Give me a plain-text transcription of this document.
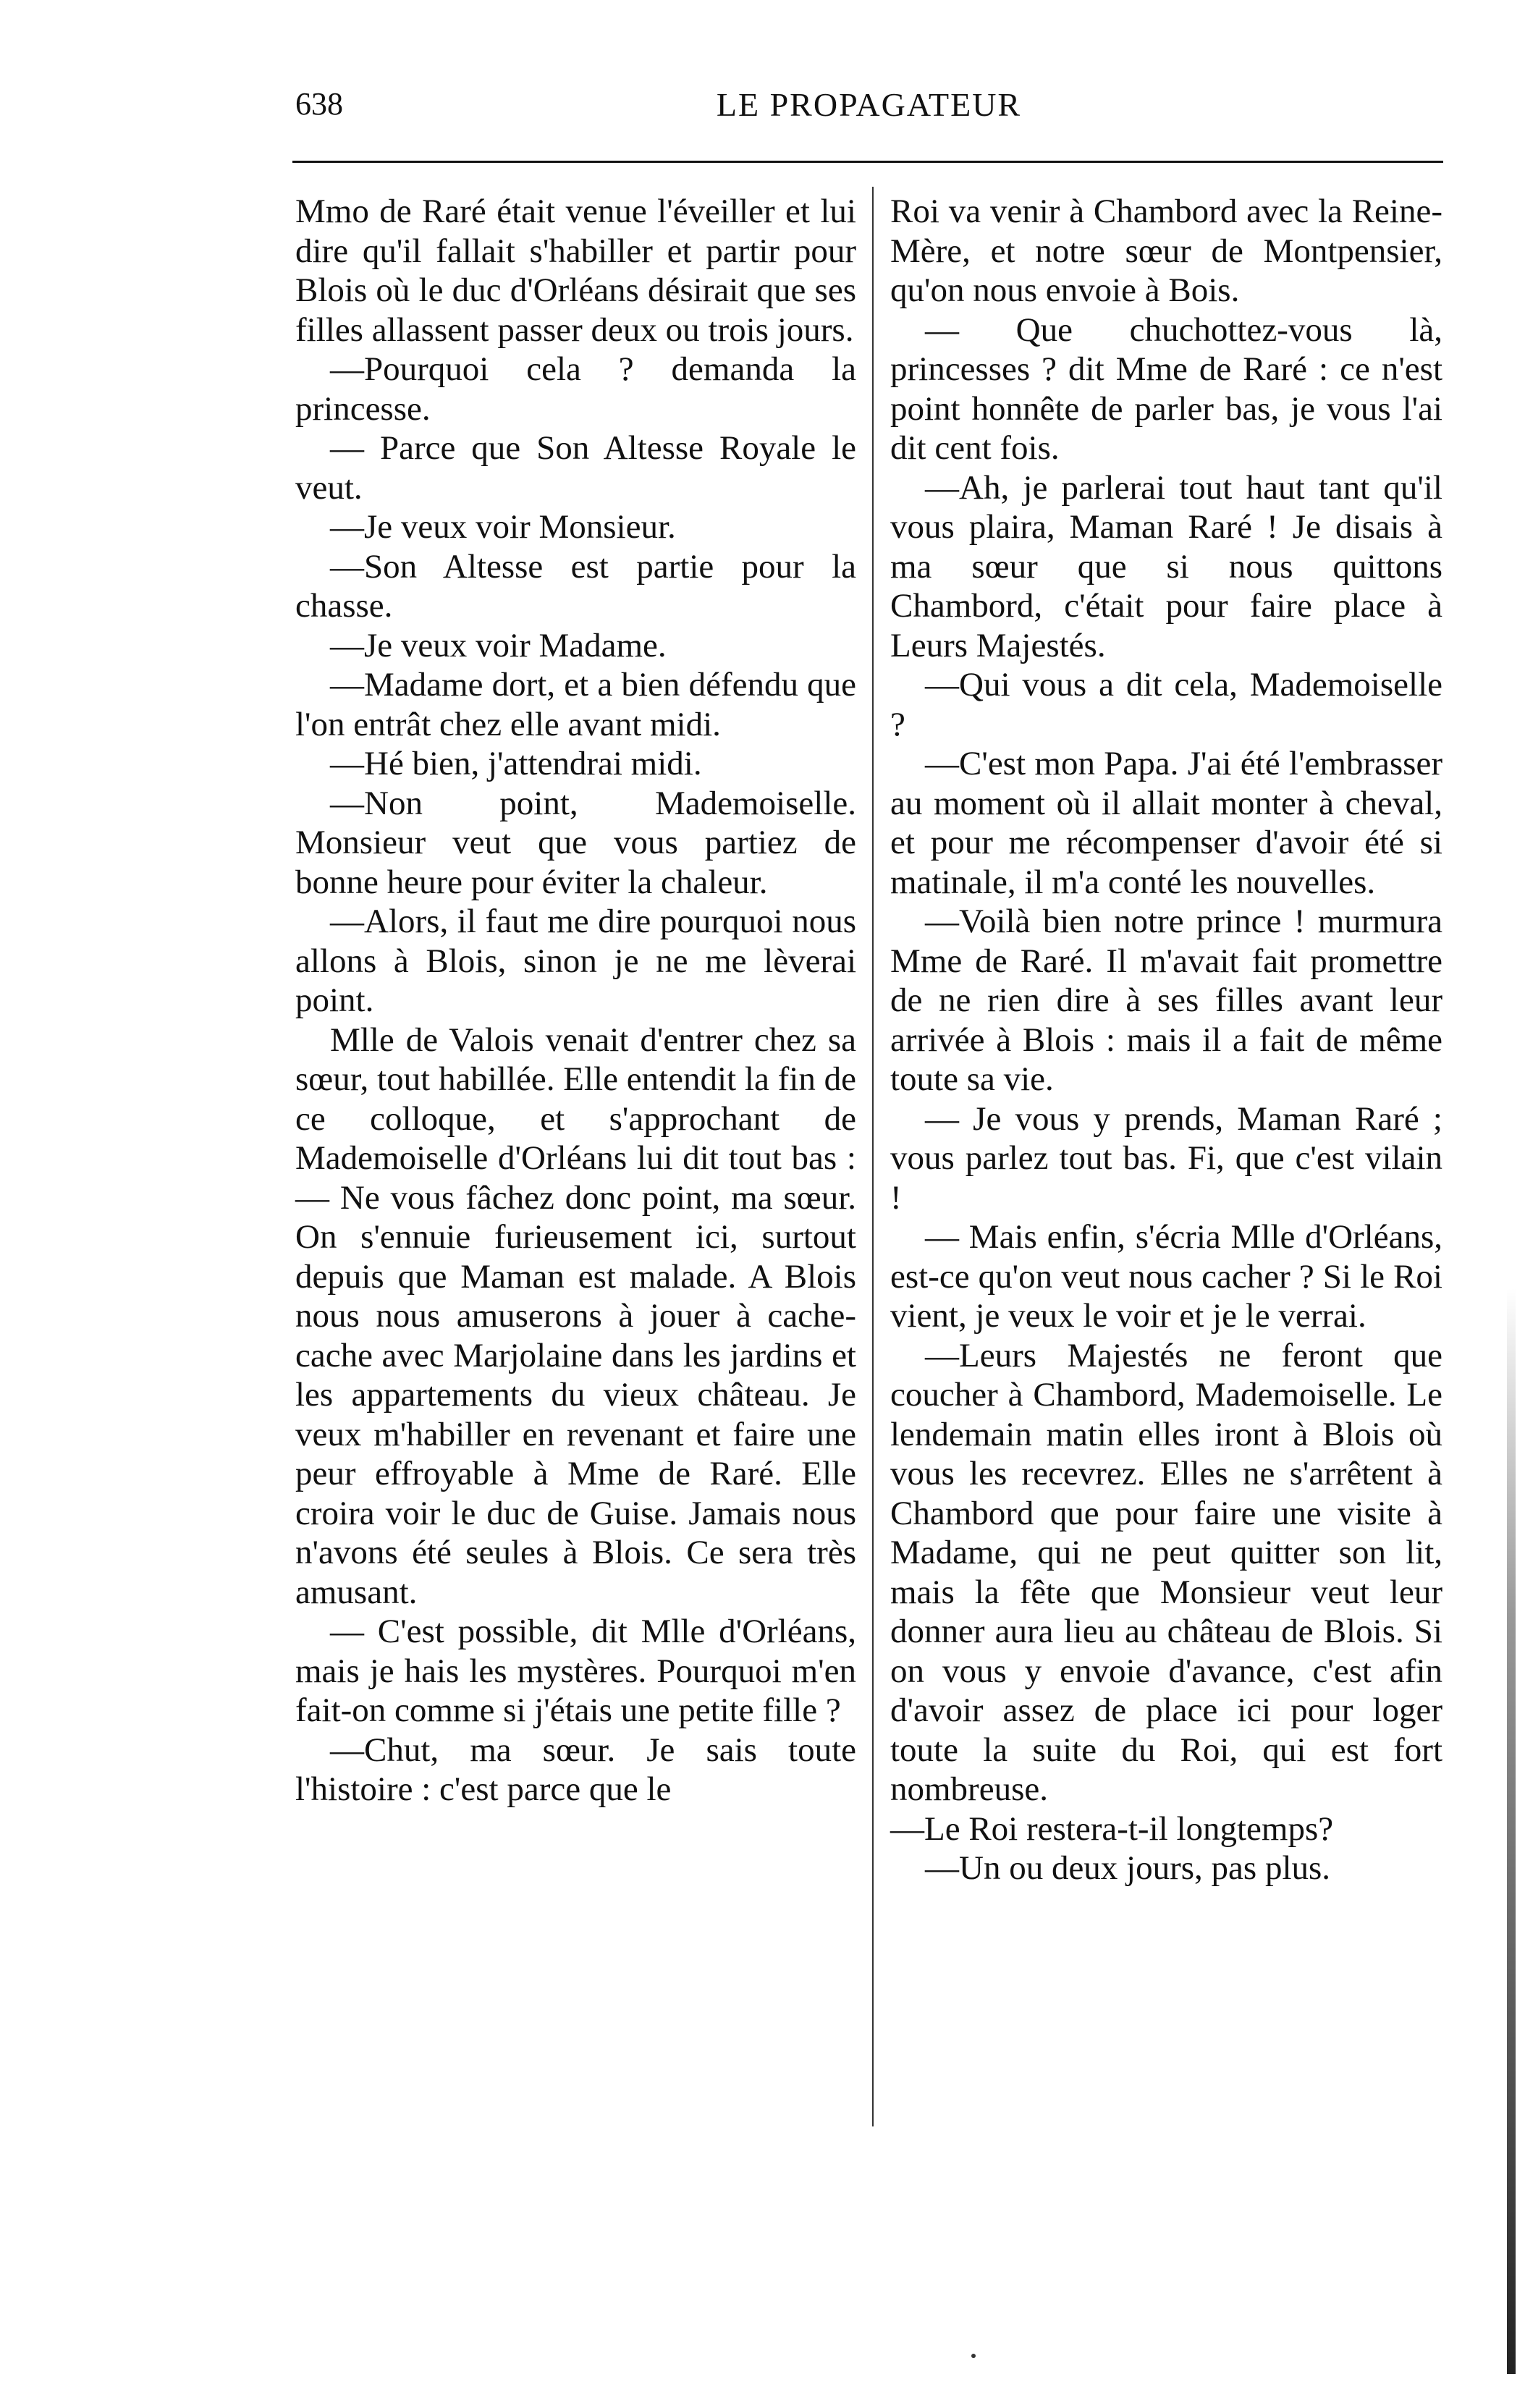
638	LE PROPAGATEUR

Mmo de Raré était venue l'éveiller et lui dire qu'il fallait s'habiller et partir pour Blois où le duc d'Orléans désirait que ses filles allassent passer deux ou trois jours.

—Pourquoi cela ? demanda la princesse.

— Parce que Son Altesse Royale le veut.

—Je veux voir Monsieur.

—Son Altesse est partie pour la chasse.

—Je veux voir Madame.

—Madame dort, et a bien défendu que l'on entrât chez elle avant midi.

—Hé bien, j'attendrai midi.

—Non point, Mademoiselle. Monsieur veut que vous partiez de bonne heure pour éviter la chaleur.

—Alors, il faut me dire pourquoi nous allons à Blois, sinon je ne me lèverai point.

Mlle de Valois venait d'entrer chez sa sœur, tout habillée. Elle entendit la fin de ce colloque, et s'approchant de Mademoiselle d'Orléans lui dit tout bas : — Ne vous fâchez donc point, ma sœur. On s'ennuie furieusement ici, surtout depuis que Maman est malade. A Blois nous nous amuserons à jouer à cache-cache avec Marjolaine dans les jardins et les appartements du vieux château. Je veux m'habiller en revenant et faire une peur effroyable à Mme de Raré. Elle croira voir le duc de Guise. Jamais nous n'avons été seules à Blois. Ce sera très amusant.

— C'est possible, dit Mlle d'Orléans, mais je hais les mystères. Pourquoi m'en fait-on comme si j'étais une petite fille ?

—Chut, ma sœur. Je sais toute l'histoire : c'est parce que le

Roi va venir à Chambord avec la Reine-Mère, et notre sœur de Montpensier, qu'on nous envoie à Bois.

— Que chuchottez-vous là, princesses ? dit Mme de Raré : ce n'est point honnête de parler bas, je vous l'ai dit cent fois.

—Ah, je parlerai tout haut tant qu'il vous plaira, Maman Raré ! Je disais à ma sœur que si nous quittons Chambord, c'était pour faire place à Leurs Majestés.

—Qui vous a dit cela, Mademoiselle ?

—C'est mon Papa. J'ai été l'embrasser au moment où il allait monter à cheval, et pour me récompenser d'avoir été si matinale, il m'a conté les nouvelles.

—Voilà bien notre prince ! murmura Mme de Raré. Il m'avait fait promettre de ne rien dire à ses filles avant leur arrivée à Blois : mais il a fait de même toute sa vie.

— Je vous y prends, Maman Raré ; vous parlez tout bas. Fi, que c'est vilain !

— Mais enfin, s'écria Mlle d'Orléans, est-ce qu'on veut nous cacher ? Si le Roi vient, je veux le voir et je le verrai.

—Leurs Majestés ne feront que coucher à Chambord, Mademoiselle. Le lendemain matin elles iront à Blois où vous les recevrez. Elles ne s'arrêtent à Chambord que pour faire une visite à Madame, qui ne peut quitter son lit, mais la fête que Monsieur veut leur donner aura lieu au château de Blois. Si on vous y envoie d'avance, c'est afin d'avoir assez de place ici pour loger toute la suite du Roi, qui est fort nombreuse.

—Le Roi restera-t-il longtemps?

—Un ou deux jours, pas plus.
